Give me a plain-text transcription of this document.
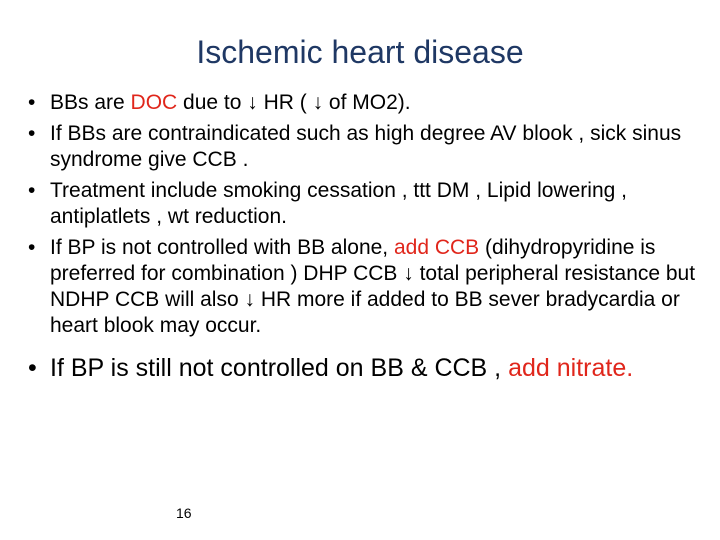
Ischemic heart disease
• BBs are DOC due to ↓ HR ( ↓ of MO2).
• If BBs are contraindicated such as high degree AV blook , sick sinus syndrome give CCB .
• Treatment include smoking cessation , ttt DM , Lipid lowering , antiplatlets , wt reduction.
• If BP is not controlled with BB alone, add CCB (dihydropyridine is preferred for combination ) DHP CCB ↓ total peripheral resistance but NDHP CCB will also ↓ HR more if added to BB sever bradycardia or heart blook may occur.
• If BP is still not controlled on BB & CCB , add nitrate.
16
